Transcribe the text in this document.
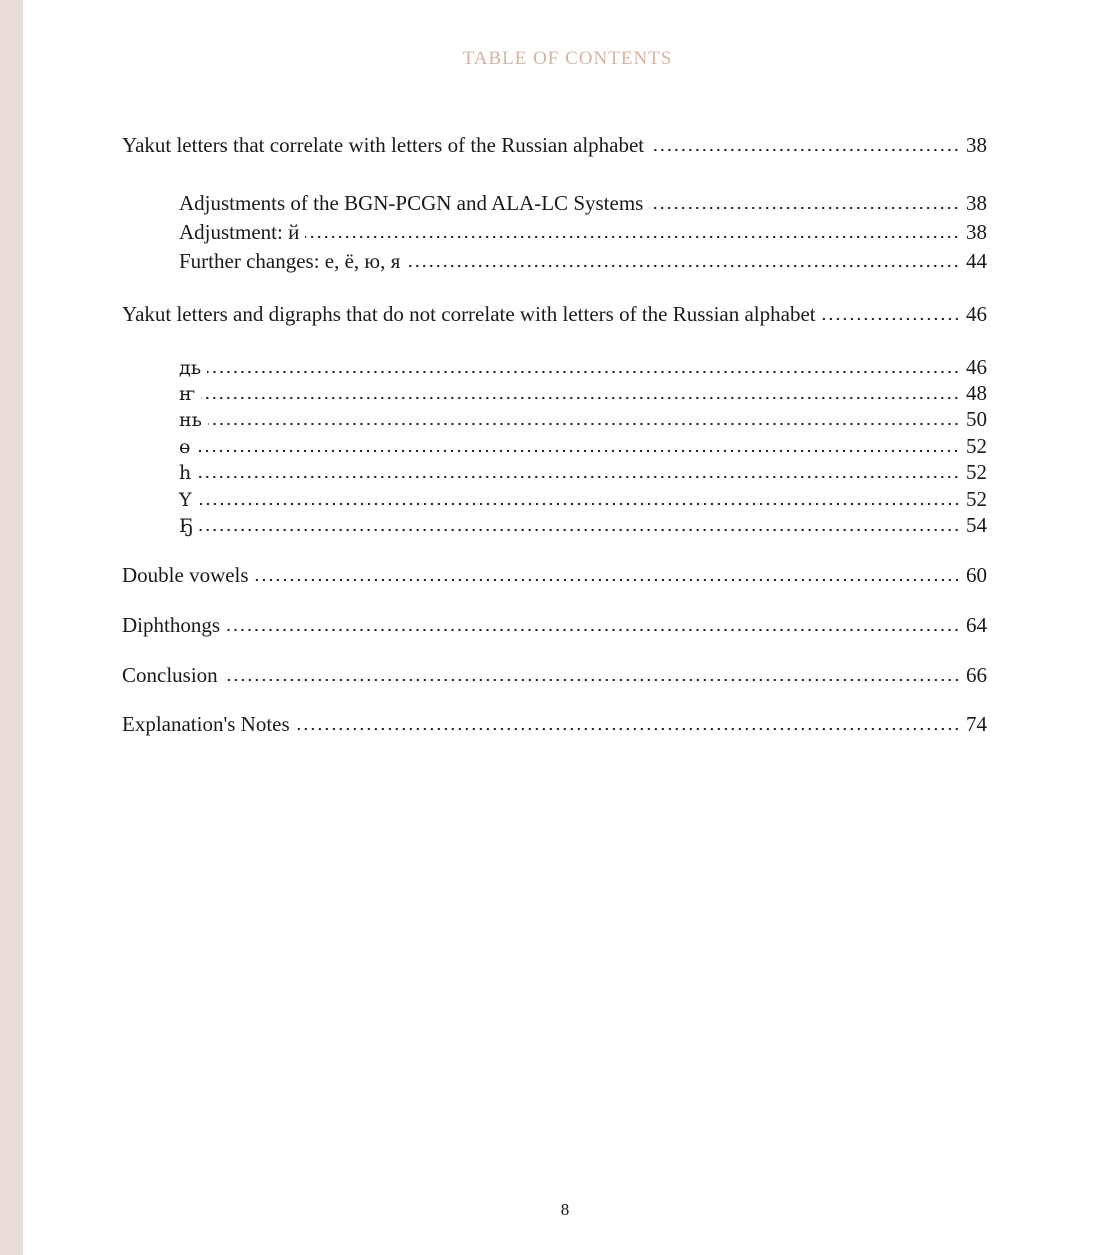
TABLE OF CONTENTS
Yakut letters that correlate with letters of the Russian alphabet	38
Adjustments of the BGN-PCGN and ALA-LC Systems	38
Adjustment: й	38
Further changes: е, ё, ю, я	44
Yakut letters and digraphs that do not correlate with letters of the Russian alphabet	46
дь	46
ҥ	48
нь	50
ө	52
һ	52
Ү	52
Ҕ	54
Double vowels	60
Diphthongs	64
Conclusion	66
Explanation's Notes	74
8
